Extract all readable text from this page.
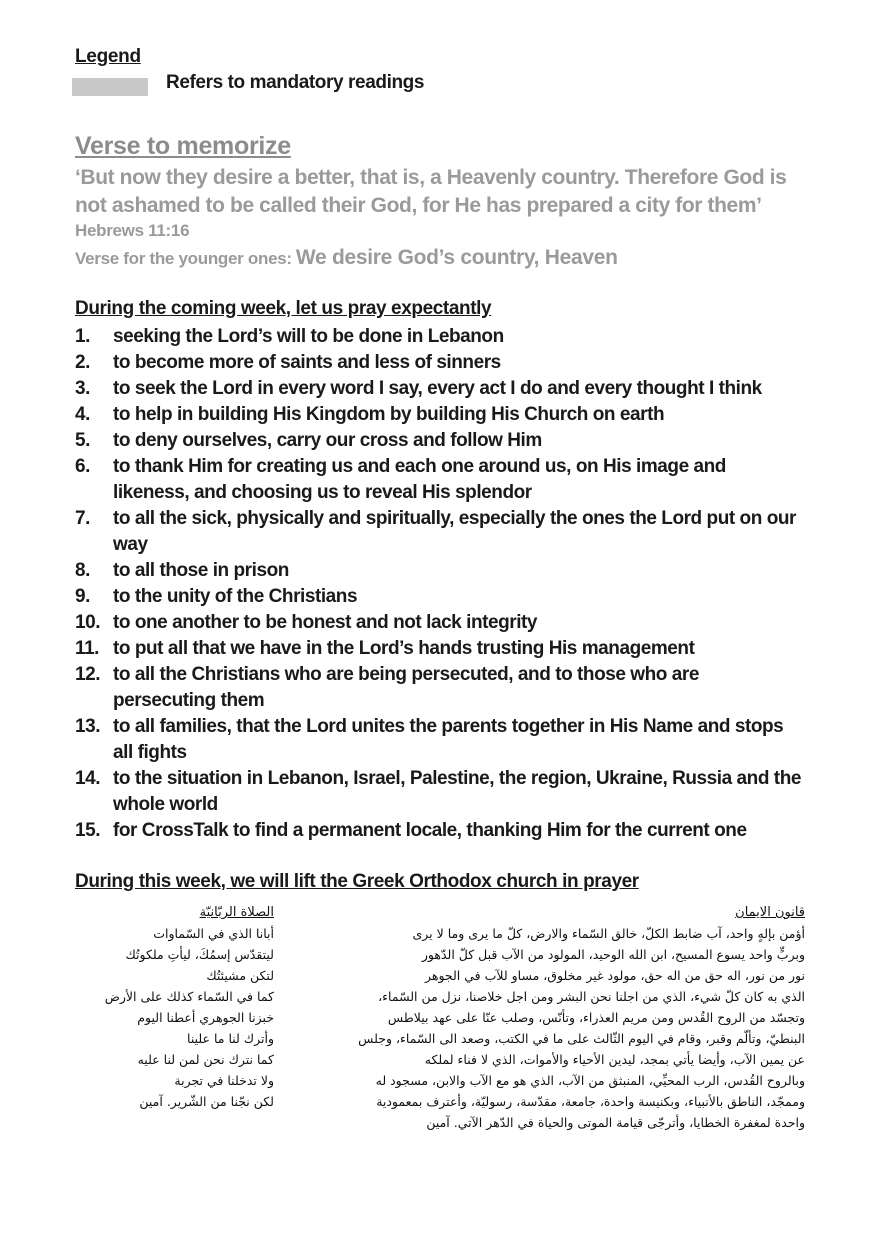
Legend
Refers to mandatory readings
Verse to memorize
‘But now they desire a better, that is, a Heavenly country. Therefore God is not ashamed to be called their God, for He has prepared a city for them’
Hebrews 11:16
Verse for the younger ones: We desire God’s country, Heaven
During the coming week, let us pray expectantly
1.	seeking the Lord’s will to be done in Lebanon
2.	to become more of saints and less of sinners
3.	to seek the Lord in every word I say, every act I do and every thought I think
4.	to help in building His Kingdom by building His Church on earth
5.	to deny ourselves, carry our cross and follow Him
6.	to thank Him for creating us and each one around us, on His image and likeness, and choosing us to reveal His splendor
7.	to all the sick, physically and spiritually, especially the ones the Lord put on our way
8.	to all those in prison
9.	to the unity of the Christians
10. to one another to be honest and not lack integrity
11. to put all that we have in the Lord’s hands trusting His management
12. to all the Christians who are being persecuted, and to those who are persecuting them
13. to all families, that the Lord unites the parents together in His Name and stops all fights
14. to the situation in Lebanon, Israel, Palestine, the region, Ukraine, Russia and the whole world
15. for CrossTalk to find a permanent locale, thanking Him for the current one
During this week, we will lift the Greek Orthodox church in prayer
قانون الايمان
أؤمن بإلهٍ واحد، آب ضابط الكلّ، خالق السّماء والارض، كلّ ما يرى وما لا يرى
وبربٍّ واحد يسوع المسيح، ابن الله الوحيد، المولود من الآب قبل كلّ الدّهور
نور من نور، اله حق من اله حق، مولود غير مخلوق، مساو للآب في الجوهر
الذي به كان كلّ شيء، الذي من اجلنا نحن البشر ومن اجل خلاصنا، نزل من السّماء،
وتجسّد من الروح القُدس ومن مريم العذراء، وتأنّس، وصلب عنّا على عهد بيلاطس
البنطيّ، وتألّم وقبر، وقام في اليوم الثّالث على ما في الكتب، وصعد الى السّماء، وجلس
عن يمين الآب، وأيضا يأتي بمجد، ليدين الأحياء والأموات، الذي لا فناء لملكه
وبالروح القُدس، الرب المحيِّي، المنبثق من الآب، الذي هو مع الآب والابن، مسجود له
وممجّد، الناطق بالأنبياء، وبكنيسة واحدة، جامعة، مقدّسة، رسوليّة، وأعترف بمعمودية
واحدة لمغفرة الخطايا، وأترجّى قيامة الموتى والحياة في الدّهر الآتي. آمين
الصلاة الربّانيّة
أبانا الذي في السّماوات
ليتقدّس إسمُكَ، ليأتِ ملكوتُك
لتكن مشيئتُك
كما في السّماء كذلك على الأرض
خبزنا الجوهري أعطنا اليوم
وأترك لنا ما علينا
كما نترك نحن لمن لنا عليه
ولا تدخلنا في تجربة
لكن نجّنا من الشّرير. آمين
